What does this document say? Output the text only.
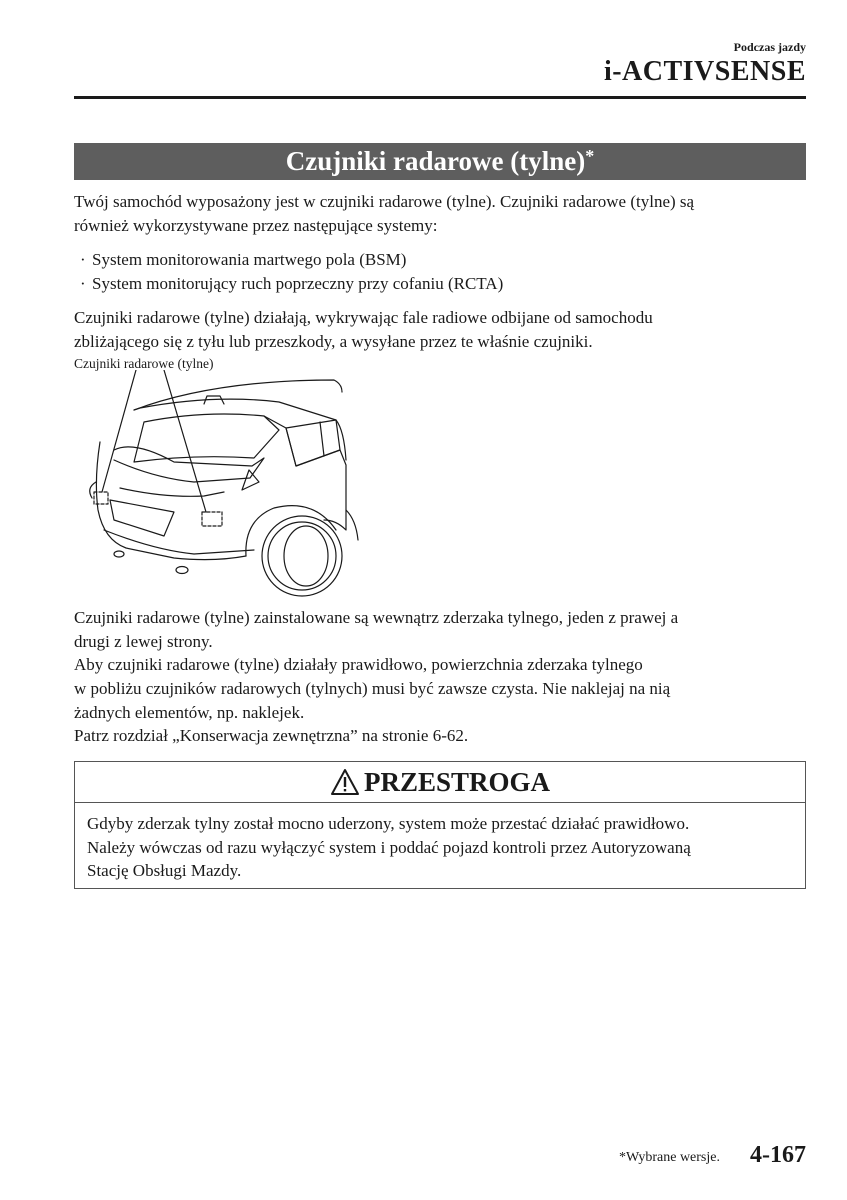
Podczas jazdy
i-ACTIVSENSE
Czujniki radarowe (tylne)*
Twój samochód wyposażony jest w czujniki radarowe (tylne). Czujniki radarowe (tylne) są
również wykorzystywane przez następujące systemy:
· System monitorowania martwego pola (BSM)
· System monitorujący ruch poprzeczny przy cofaniu (RCTA)
Czujniki radarowe (tylne) działają, wykrywając fale radiowe odbijane od samochodu
zbliżającego się z tyłu lub przeszkody, a wysyłane przez te właśnie czujniki.
Czujniki radarowe (tylne)
Czujniki radarowe (tylne) zainstalowane są wewnątrz zderzaka tylnego, jeden z prawej a
drugi z lewej strony.
Aby czujniki radarowe (tylne) działały prawidłowo, powierzchnia zderzaka tylnego
w pobliżu czujników radarowych (tylnych) musi być zawsze czysta. Nie naklejaj na nią
żadnych elementów, np. naklejek.
Patrz rozdział „Konserwacja zewnętrzna” na stronie 6-62.
PRZESTROGA
Gdyby zderzak tylny został mocno uderzony, system może przestać działać prawidłowo.
Należy wówczas od razu wyłączyć system i poddać pojazd kontroli przez Autoryzowaną
Stację Obsługi Mazdy.
*Wybrane wersje. 4-167
